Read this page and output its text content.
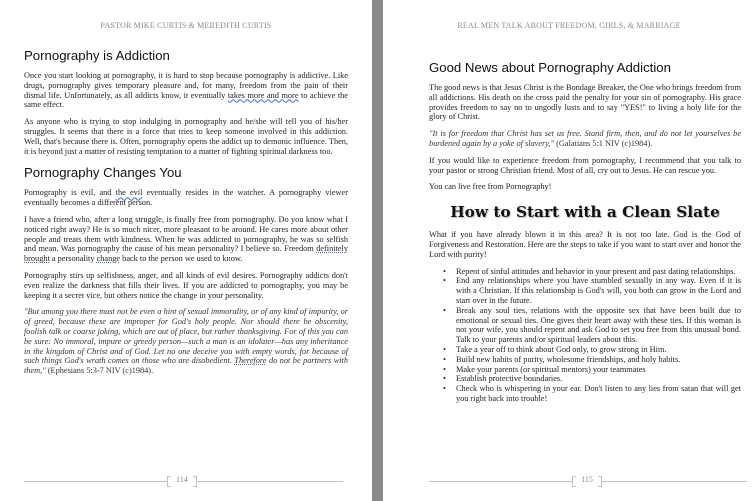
PASTOR MIKE CURTIS & MEREDITH CURTIS
Pornography is Addiction

Once you start looking at pornography, it is hard to stop because pornography is addictive. Like drugs, pornography gives temporary pleasure and, for many, freedom from the pain of their dismal life. Unfortunately, as all addicts know, it eventually takes more and more to achieve the same effect.

As anyone who is trying to stop indulging in pornography and he/she will tell you of his/her struggles. It seems that there is a force that tries to keep someone involved in this addiction. Well, that's because there is. Often, pornography opens the addict up to demonic influence. Then, it is beyond just a matter of resisting temptation to a matter of fighting spiritual darkness too.

Pornography Changes You

Pornography is evil, and the evil eventually resides in the watcher. A pornography viewer eventually becomes a different person.

I have a friend who, after a long struggle, is finally free from pornography. Do you know what I noticed right away? He is so much nicer, more pleasant to be around. He cares more about other people and treats them with kindness. When he was addicted to pornography, he was so selfish and mean. Was pornography the cause of his mean personality? I believe so. Freedom definitely brought a personality change back to the person we used to know.

Pornography stirs up selfishness, anger, and all kinds of evil desires. Pornography addicts don't even realize the darkness that fills their lives. If you are addicted to pornography, you may be keeping it a secret vice, but others notice the change in your personality.

"But among you there must not be even a hint of sexual immorality, or of any kind of impurity, or of greed, because these are improper for God's holy people. Nor should there be obscenity, foolish talk or coarse joking, which are out of place, but rather thanksgiving. For of this you can be sure: No immoral, impure or greedy person—such a man is an idolater—has any inheritance in the kingdom of Christ and of God. Let no one deceive you with empty words, for because of such things God's wrath comes on those who are disobedient. Therefore do not be partners with them," (Ephesians 5:3-7 NIV (c)1984).

114
REAL MEN TALK ABOUT FREEDOM, GIRLS, & MARRIAGE
Good News about Pornography Addiction

The good news is that Jesus Christ is the Bondage Breaker, the One who brings freedom from all addictions. His death on the cross paid the penalty for your sin of pornography. His grace provides freedom to say no to ungodly lusts and to say "YES!" to living a holy life for the glory of Christ.

"It is for freedom that Christ has set us free. Stand firm, then, and do not let yourselves be burdened again by a yoke of slavery," (Galatians 5:1 NIV (c)1984).

If you would like to experience freedom from pornography, I recommend that you talk to your pastor or strong Christian friend. Most of all, cry out to Jesus. He can rescue you.

You can live free from Pornography!

How to Start with a Clean Slate

What if you have already blown it in this area? It is not too late. God is the God of Forgiveness and Restoration. Here are the steps to take if you want to start over and honor the Lord with purity!

• Repent of sinful attitudes and behavior in your present and past dating relationships.
• End any relationships where you have stumbled sexually in any way. Even if it is with a Christian. If this relationship is God's will, you both can grow in the Lord and start over in the future.
• Break any soul ties, relations with the opposite sex that have been built due to emotional or sexual ties. One gives their heart away with these ties. If this woman is not your wife, you should repent and ask God to set you free from this unusual bond. Talk to your parents and/or spiritual leaders about this.
• Take a year off to think about God only, to grow strong in Him.
• Build new habits of purity, wholesome friendships, and holy habits.
• Make your parents (or spiritual mentors) your teammates
• Establish protective boundaries.
• Check who is whispering in your ear. Don't listen to any lies from satan that will get you right back into trouble!
115
